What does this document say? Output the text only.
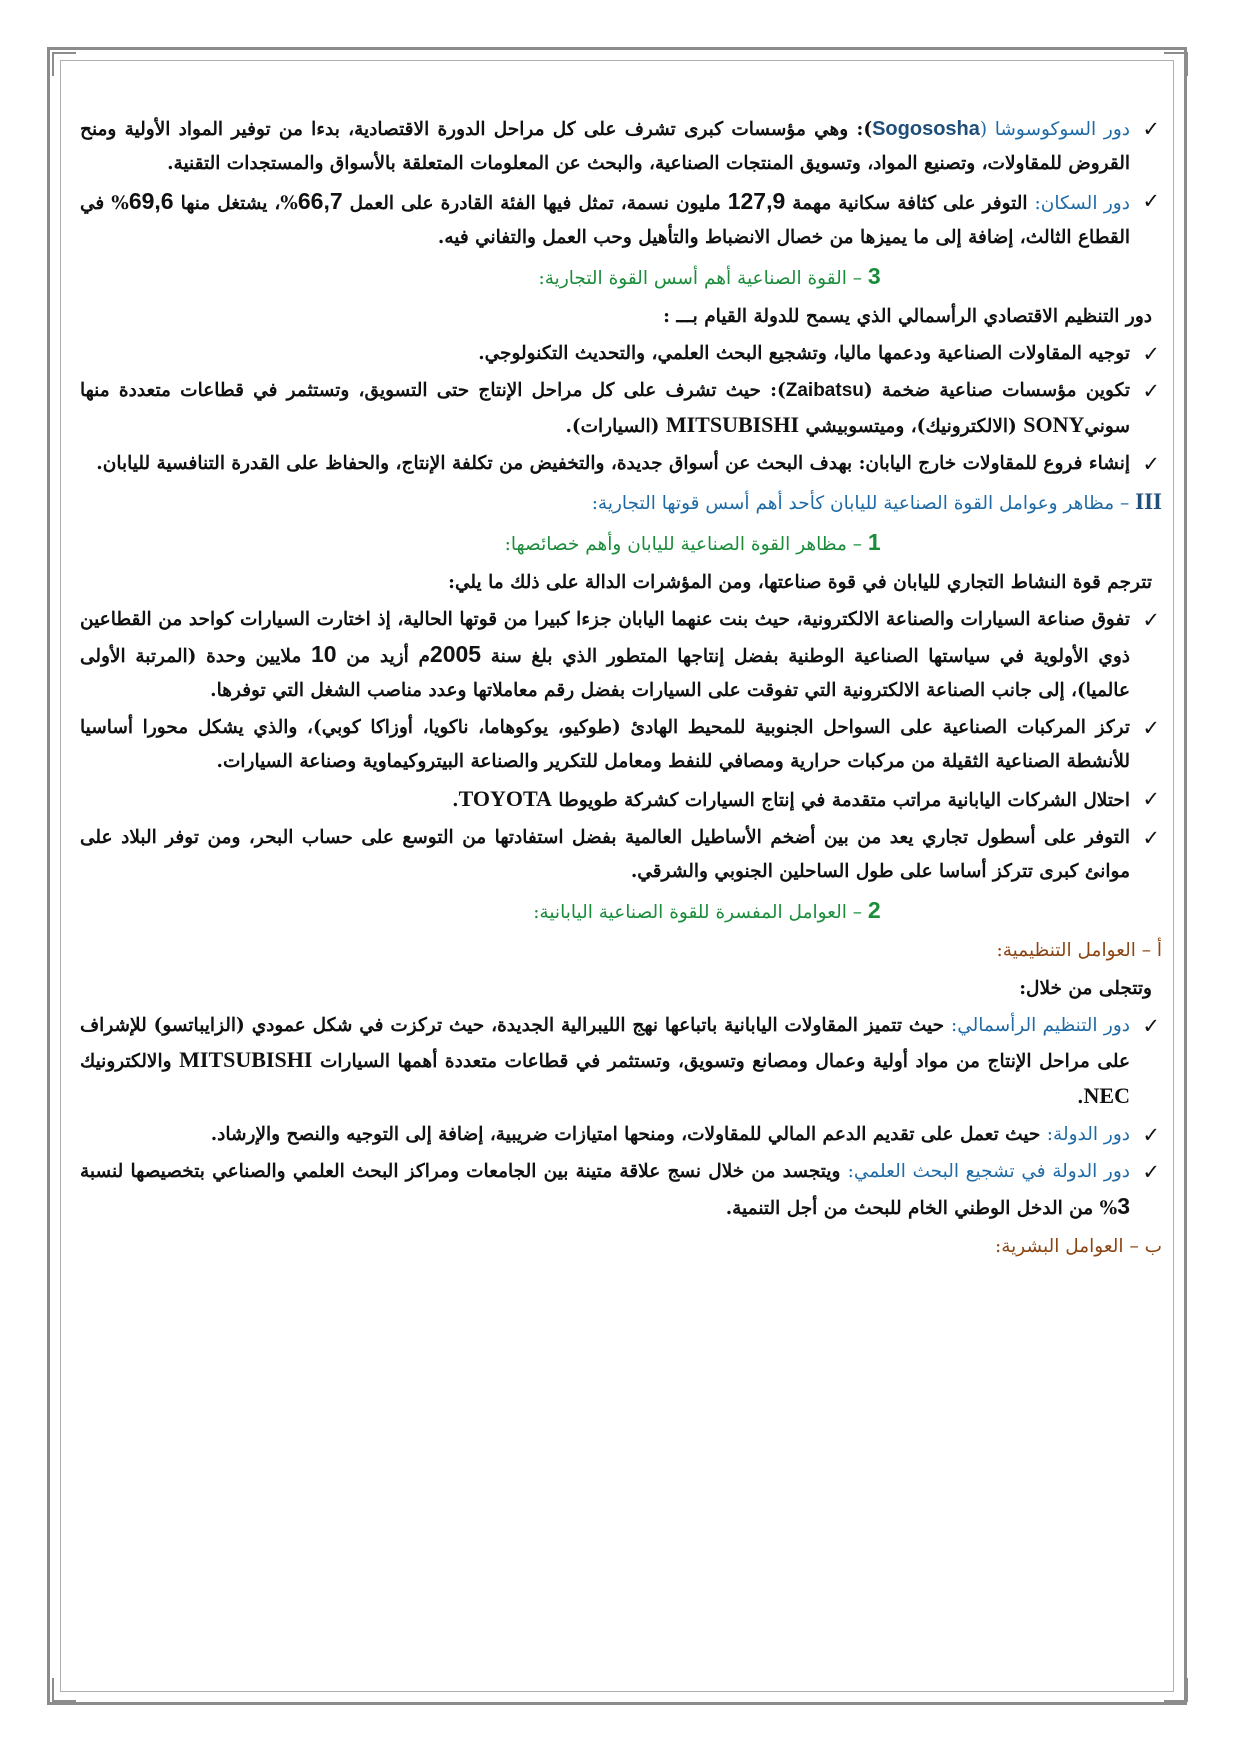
✓
دور السوكوسوشا (Sogososha): وهي مؤسسات كبرى تشرف على كل مراحل الدورة الاقتصادية، بدءا من توفير المواد الأولية ومنح القروض للمقاولات، وتصنيع المواد، وتسويق المنتجات الصناعية، والبحث عن المعلومات المتعلقة بالأسواق والمستجدات التقنية.
✓
دور السكان: التوفر على كثافة سكانية مهمة 127,9 مليون نسمة، تمثل فيها الفئة القادرة على العمل 66,7%، يشتغل منها 69,6% في القطاع الثالث، إضافة إلى ما يميزها من خصال الانضباط والتأهيل وحب العمل والتفاني فيه.
3 – القوة الصناعية أهم أسس القوة التجارية:
دور التنظيم الاقتصادي الرأسمالي الذي يسمح للدولة القيام بـــ :
✓
توجيه المقاولات الصناعية ودعمها ماليا، وتشجيع البحث العلمي، والتحديث التكنولوجي.
✓
تكوين مؤسسات صناعية ضخمة (Zaibatsu): حيث تشرف على كل مراحل الإنتاج حتى التسويق، وتستثمر في قطاعات متعددة منها سونيSONY (الالكترونيك)، وميتسوبيشي MITSUBISHI (السيارات).
✓
إنشاء فروع للمقاولات خارج اليابان: بهدف البحث عن أسواق جديدة، والتخفيض من تكلفة الإنتاج، والحفاظ على القدرة التنافسية لليابان.
III – مظاهر وعوامل القوة الصناعية لليابان كأحد أهم أسس قوتها التجارية:
1 – مظاهر القوة الصناعية لليابان وأهم خصائصها:
تترجم قوة النشاط التجاري لليابان في قوة صناعتها، ومن المؤشرات الدالة على ذلك ما يلي:
✓
تفوق صناعة السيارات والصناعة الالكترونية، حيث بنت عنهما اليابان جزءا كبيرا من قوتها الحالية، إذ اختارت السيارات كواحد من القطاعين ذوي الأولوية في سياستها الصناعية الوطنية بفضل إنتاجها المتطور الذي بلغ سنة 2005م أزيد من 10 ملايين وحدة (المرتبة الأولى عالميا)، إلى جانب الصناعة الالكترونية التي تفوقت على السيارات بفضل رقم معاملاتها وعدد مناصب الشغل التي توفرها.
✓
تركز المركبات الصناعية على السواحل الجنوبية للمحيط الهادئ (طوكيو، يوكوهاما، ناكويا، أوزاكا كوبي)، والذي يشكل محورا أساسيا للأنشطة الصناعية الثقيلة من مركبات حرارية ومصافي للنفط ومعامل للتكرير والصناعة البيتروكيماوية وصناعة السيارات.
✓
احتلال الشركات اليابانية مراتب متقدمة في إنتاج السيارات كشركة طويوطا TOYOTA.
✓
التوفر على أسطول تجاري يعد من بين أضخم الأساطيل العالمية بفضل استفادتها من التوسع على حساب البحر، ومن توفر البلاد على موانئ كبرى تتركز أساسا على طول الساحلين الجنوبي والشرقي.
2 – العوامل المفسرة للقوة الصناعية اليابانية:
أ – العوامل التنظيمية:
وتتجلى من خلال:
✓
دور التنظيم الرأسمالي: حيث تتميز المقاولات اليابانية باتباعها نهج الليبرالية الجديدة، حيث تركزت في شكل عمودي (الزايباتسو) للإشراف على مراحل الإنتاج من مواد أولية وعمال ومصانع وتسويق، وتستثمر في قطاعات متعددة أهمها السيارات MITSUBISHI والالكترونيك NEC.
✓
دور الدولة: حيث تعمل على تقديم الدعم المالي للمقاولات، ومنحها امتيازات ضريبية، إضافة إلى التوجيه والنصح والإرشاد.
✓
دور الدولة في تشجيع البحث العلمي: ويتجسد من خلال نسج علاقة متينة بين الجامعات ومراكز البحث العلمي والصناعي بتخصيصها لنسبة 3% من الدخل الوطني الخام للبحث من أجل التنمية.
ب – العوامل البشرية:
